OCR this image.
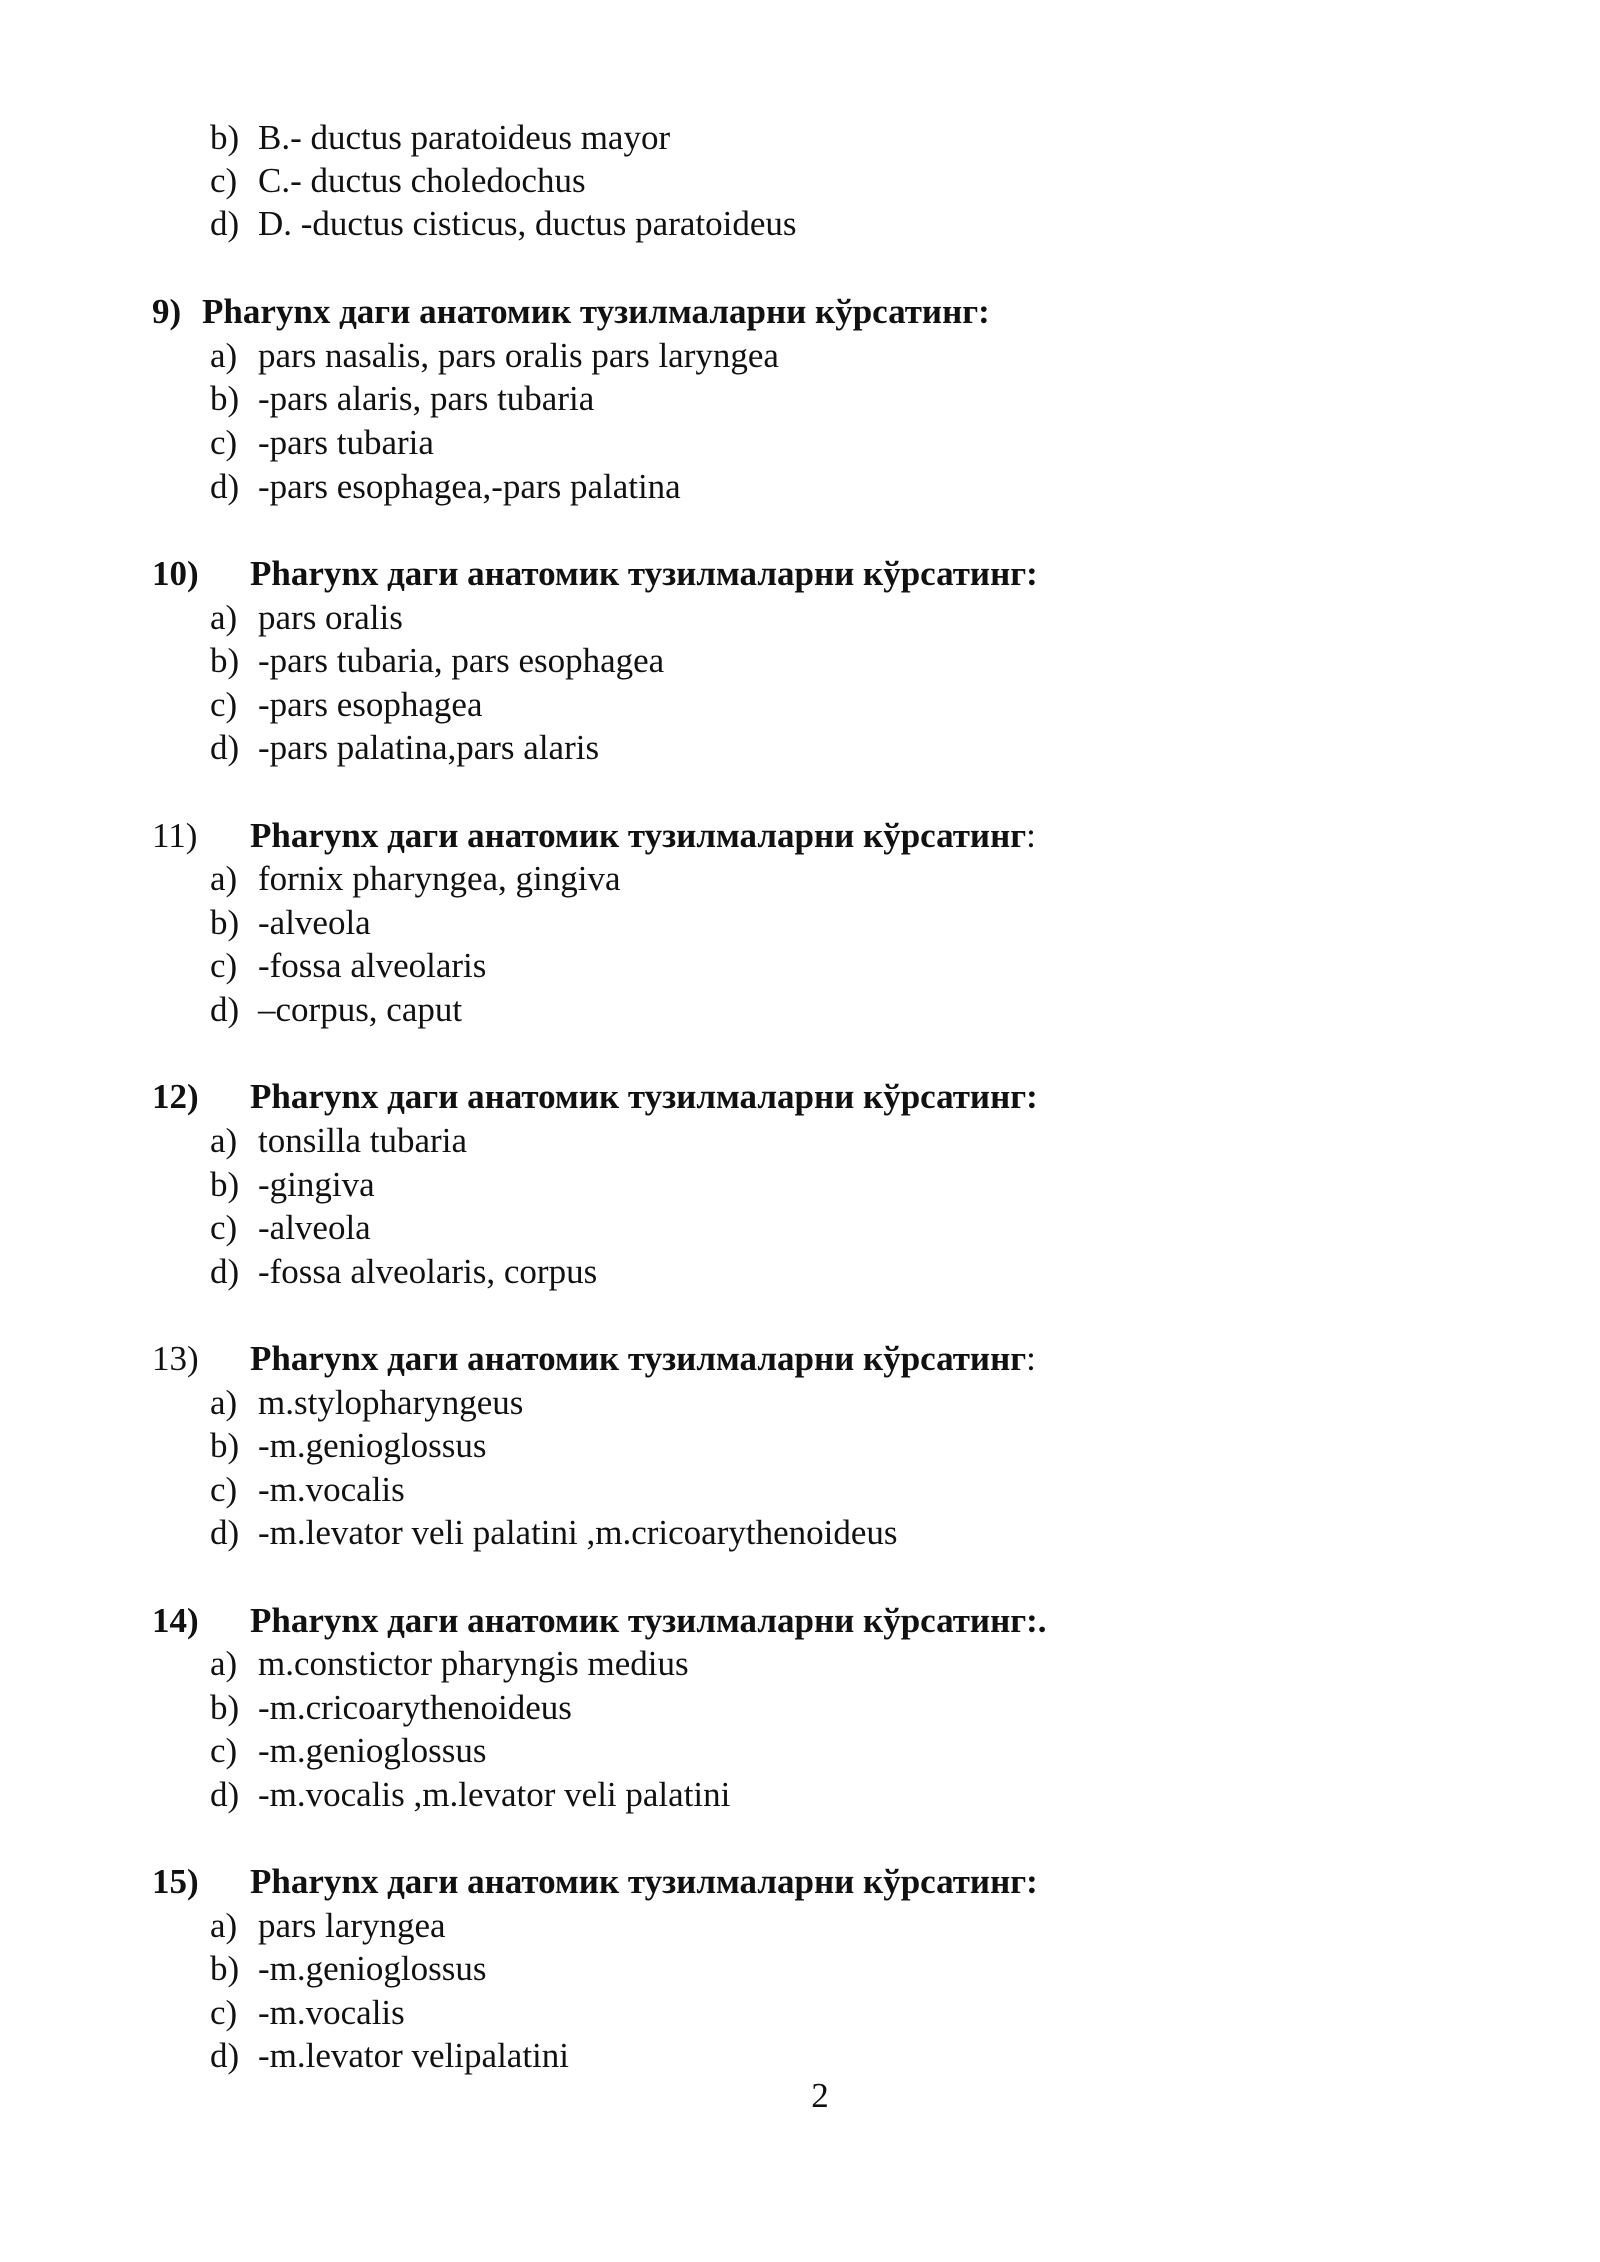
b) B.- ductus paratoideus mayor
c) C.- ductus choledochus
d) D. -ductus cisticus, ductus paratoideus
9) Pharynx даги анатомик тузилмаларни кўрсатинг:
a) pars nasalis, pars oralis pars laryngea
b) -pars alaris, pars tubaria
c) -pars tubaria
d) -pars esophagea,-pars palatina
10) Pharynx даги анатомик тузилмаларни кўрсатинг:
a) pars oralis
b) -pars tubaria, pars esophagea
c) -pars esophagea
d) -pars palatina,pars alaris
11) Pharynx даги анатомик тузилмаларни кўрсатинг:
a) fornix pharyngea, gingiva
b) -alveola
c) -fossa alveolaris
d) –corpus, caput
12) Pharynx даги анатомик тузилмаларни кўрсатинг:
a) tonsilla tubaria
b) -gingiva
c) -alveola
d) -fossa alveolaris, corpus
13) Pharynx даги анатомик тузилмаларни кўрсатинг:
a) m.stylopharyngeus
b) -m.genioglossus
c) -m.vocalis
d) -m.levator veli palatini ,m.cricoarythenoideus
14) Pharynx даги анатомик тузилмаларни кўрсатинг:.
a) m.constictor pharyngis medius
b) -m.cricoarythenoideus
c) -m.genioglossus
d) -m.vocalis ,m.levator veli palatini
15) Pharynx даги анатомик тузилмаларни кўрсатинг:
a) pars laryngea
b) -m.genioglossus
c) -m.vocalis
d) -m.levator velipalatini
2
